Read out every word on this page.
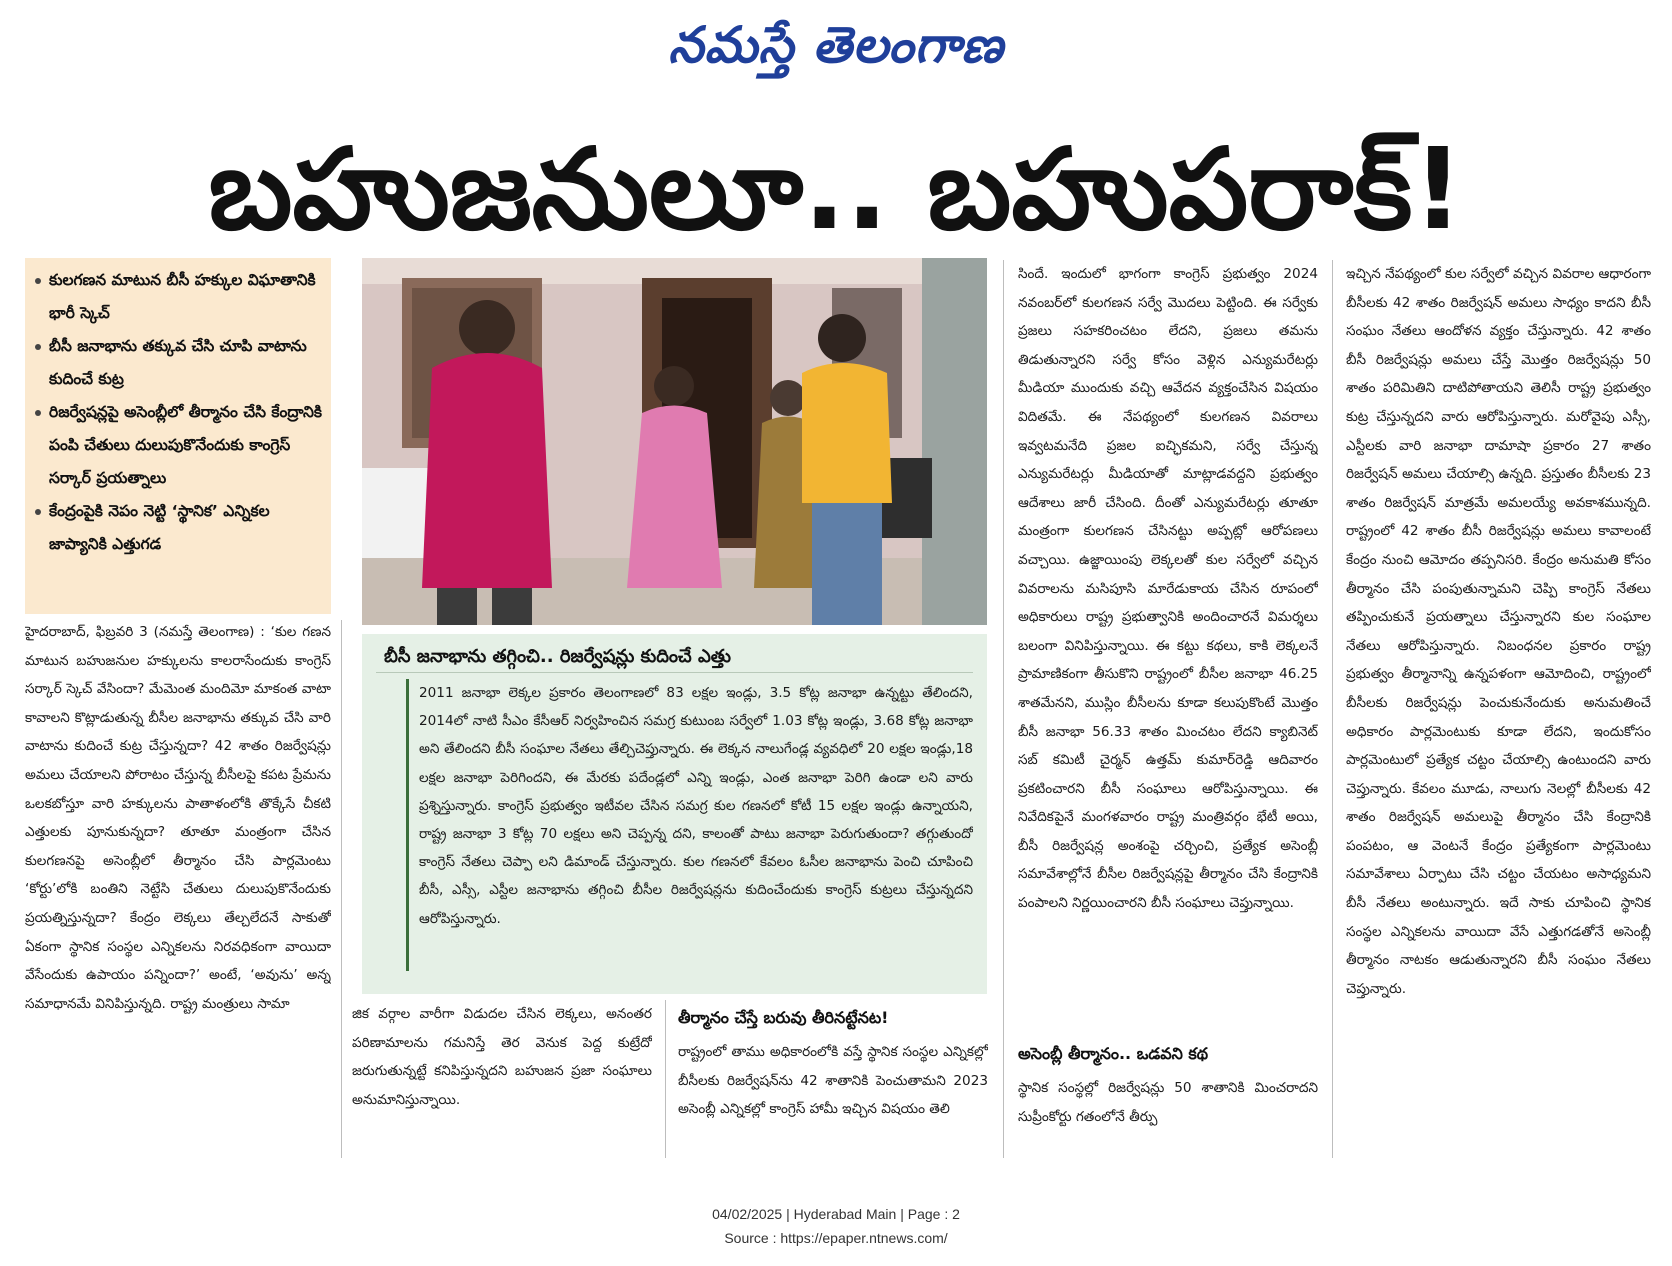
నమస్తే తెలంగాణ
బహుజనులూ.. బహుపరాక్‌!
కులగణన మాటున బీసీ హక్కుల విఘాతానికి భారీ స్కెచ్‌
బీసీ జనాభాను తక్కువ చేసి చూపి వాటాను కుదించే కుట్ర
రిజర్వేషన్లపై అసెంబ్లీలో తీర్మానం చేసి కేంద్రానికి పంపి చేతులు దులుపుకొనేందుకు కాంగ్రెస్‌ సర్కార్‌ ప్రయత్నాలు
కేంద్రంపైకి నెపం నెట్టి ‘స్థానిక’ ఎన్నికల జాప్యానికి ఎత్తుగడ
బీసీ జనాభాను తగ్గించి.. రిజర్వేషన్లు కుదించే ఎత్తు
2011 జనాభా లెక్కల ప్రకారం తెలంగాణలో 83 లక్షల ఇండ్లు, 3.5 కోట్ల జనాభా ఉన్నట్టు తేలిందని, 2014లో నాటి సీఎం కేసీఆర్‌ నిర్వహించిన సమగ్ర కుటుంబ సర్వేలో 1.03 కోట్ల ఇండ్లు, 3.68 కోట్ల జనాభా అని తేలిందని బీసీ సంఘాల నేతలు తేల్చిచెప్తున్నారు. ఈ లెక్కన నాలుగేండ్ల వ్యవధిలో 20 లక్షల ఇండ్లు,18 లక్షల జనాభా పెరిగిందని, ఈ మేరకు పదేండ్లలో ఎన్ని ఇండ్లు, ఎంత జనాభా పెరిగి ఉండా లని వారు ప్రశ్నిస్తున్నారు. కాంగ్రెస్‌ ప్రభుత్వం ఇటీవల చేసిన సమగ్ర కుల గణనలో కోటీ 15 లక్షల ఇండ్లు ఉన్నాయని, రాష్ట్ర జనాభా 3 కోట్ల 70 లక్షలు అని చెప్పన్న దని, కాలంతో పాటు జనాభా పెరుగుతుందా? తగ్గుతుందో కాంగ్రెస్‌ నేతలు చెప్పా లని డిమాండ్‌ చేస్తున్నారు. కుల గణనలో కేవలం ఓసీల జనాభాను పెంచి చూపించి బీసీ, ఎస్సీ, ఎస్టీల జనాభాను తగ్గించి బీసీల రిజర్వేషన్లను కుదించేందుకు కాంగ్రెస్‌ కుట్రలు చేస్తున్నదని ఆరోపిస్తున్నారు.

హైదరాబాద్‌, ఫిబ్రవరి 3 (నమస్తే తెలంగాణ) : ‘కుల గణన మాటున బహుజనుల హక్కులను కాలరాసేందుకు కాంగ్రెస్‌ సర్కార్‌ స్కెచ్‌ వేసిందా? మేమెంత మందిమో మాకంత వాటా కావాలని కొట్లాడుతున్న బీసీల జనాభాను తక్కువ చేసి వారి వాటాను కుదించే కుట్ర చేస్తున్నదా? 42 శాతం రిజర్వేషన్లు అమలు చేయాలని పోరాటం చేస్తున్న బీసీలపై కపట ప్రేమను ఒలకబోస్తూ వారి హక్కులను పాతాళంలోకి తొక్కేసే చీకటి ఎత్తులకు పూనుకున్నదా? తూతూ మంత్రంగా చేసిన కులగణనపై అసెంబ్లీలో తీర్మానం చేసి పార్లమెంటు ‘కోర్టు’లోకి బంతిని నెట్టేసి చేతులు దులుపుకొనేందుకు ప్రయత్నిస్తున్నదా? కేంద్రం లెక్కలు తేల్చలేదనే సాకుతో ఏకంగా స్థానిక సంస్థల ఎన్నికలను నిరవధికంగా వాయిదా వేసేందుకు ఉపాయం పన్నిందా?’ అంటే, ‘అవును’ అన్న సమాధానమే వినిపిస్తున్నది. రాష్ట్ర మంత్రులు సామా

జిక వర్గాల వారీగా విడుదల చేసిన లెక్కలు, అనంతర పరిణామాలను గమనిస్తే తెర వెనుక పెద్ద కుట్రేదో జరుగుతున్నట్టే కనిపిస్తున్నదని బహుజన ప్రజా సంఘాలు అనుమానిస్తున్నాయి.

తీర్మానం చేస్తే బరువు తీరినట్టేనట!

రాష్ట్రంలో తాము అధికారంలోకి వస్తే స్థానిక సంస్థల ఎన్నికల్లో బీసీలకు రిజర్వేషన్‌ను 42 శాతానికి పెంచుతామని 2023 అసెంబ్లీ ఎన్నికల్లో కాంగ్రెస్‌ హామీ ఇచ్చిన విషయం తెలి

సిందే. ఇందులో భాగంగా కాంగ్రెస్‌ ప్రభుత్వం 2024 నవంబర్‌లో కులగణన సర్వే మొదలు పెట్టింది. ఈ సర్వేకు ప్రజలు సహకరించటం లేదని, ప్రజలు తమను తిడుతున్నారని సర్వే కోసం వెళ్లిన ఎన్యుమరేటర్లు మీడియా ముందుకు వచ్చి ఆవేదన వ్యక్తంచేసిన విషయం విదితమే. ఈ నేపథ్యంలో కులగణన వివరాలు ఇవ్వటమనేది ప్రజల ఐచ్ఛికమని, సర్వే చేస్తున్న ఎన్యుమరేటర్లు మీడియాతో మాట్లాడవద్దని ప్రభుత్వం ఆదేశాలు జారీ చేసింది. దీంతో ఎన్యుమరేటర్లు తూతూ మంత్రంగా కులగణన చేసినట్టు అప్పట్లో ఆరోపణలు వచ్చాయి. ఉజ్జాయింపు లెక్కలతో కుల సర్వేలో వచ్చిన వివరాలను మసిపూసి మారేడుకాయ చేసిన రూపంలో అధికారులు రాష్ట్ర ప్రభుత్వానికి అందించారనే విమర్శలు బలంగా వినిపిస్తున్నాయి. ఈ కట్టు కథలు, కాకి లెక్కలనే ప్రామాణికంగా తీసుకొని రాష్ట్రంలో బీసీల జనాభా 46.25 శాతమేనని, ముస్లిం బీసీలను కూడా కలుపుకొంటే మొత్తం బీసీ జనాభా 56.33 శాతం మించటం లేదని క్యాబినెట్‌ సబ్‌ కమిటీ చైర్మన్‌ ఉత్తమ్‌ కుమార్‌రెడ్డి ఆదివారం ప్రకటించారని బీసీ సంఘాలు ఆరోపిస్తున్నాయి. ఈ నివేదికపైనే మంగళవారం రాష్ట్ర మంత్రివర్గం భేటీ అయి, బీసీ రిజర్వేషన్ల అంశంపై చర్చించి, ప్రత్యేక అసెంబ్లీ సమావేశాల్లోనే బీసీల రిజర్వేషన్లపై తీర్మానం చేసి కేంద్రానికి పంపాలని నిర్ణయించారని బీసీ సంఘాలు చెప్తున్నాయి.

అసెంబ్లీ తీర్మానం.. ఒడవని కథ

స్థానిక సంస్థల్లో రిజర్వేషన్లు 50 శాతానికి మించరాదని సుప్రీంకోర్టు గతంలోనే తీర్పు

ఇచ్చిన నేపథ్యంలో కుల సర్వేలో వచ్చిన వివరాల ఆధారంగా బీసీలకు 42 శాతం రిజర్వేషన్‌ అమలు సాధ్యం కాదని బీసీ సంఘం నేతలు ఆందోళన వ్యక్తం చేస్తున్నారు. 42 శాతం బీసీ రిజర్వేషన్లు అమలు చేస్తే మొత్తం రిజర్వేషన్లు 50 శాతం పరిమితిని దాటిపోతాయని తెలిసీ రాష్ట్ర ప్రభుత్వం కుట్ర చేస్తున్నదని వారు ఆరోపిస్తున్నారు. మరోవైపు ఎస్సీ, ఎస్టీలకు వారి జనాభా దామాషా ప్రకారం 27 శాతం రిజర్వేషన్‌ అమలు చేయాల్సి ఉన్నది. ప్రస్తుతం బీసీలకు 23 శాతం రిజర్వేషన్‌ మాత్రమే అమలయ్యే అవకాశమున్నది. రాష్ట్రంలో 42 శాతం బీసీ రిజర్వేషన్లు అమలు కావాలంటే కేంద్రం నుంచి ఆమోదం తప్పనిసరి. కేంద్రం అనుమతి కోసం తీర్మానం చేసి పంపుతున్నామని చెప్పి కాంగ్రెస్‌ నేతలు తప్పించుకునే ప్రయత్నాలు చేస్తున్నారని కుల సంఘాల నేతలు ఆరోపిస్తున్నారు. నిబంధనల ప్రకారం రాష్ట్ర ప్రభుత్వం తీర్మానాన్ని ఉన్నపళంగా ఆమోదించి, రాష్ట్రంలో బీసీలకు రిజర్వేషన్లు పెంచుకునేందుకు అనుమతించే అధికారం పార్లమెంటుకు కూడా లేదని, ఇందుకోసం పార్లమెంటులో ప్రత్యేక చట్టం చేయాల్సి ఉంటుందని వారు చెప్తున్నారు. కేవలం మూడు, నాలుగు నెలల్లో బీసీలకు 42 శాతం రిజర్వేషన్‌ అమలుపై తీర్మానం చేసి కేంద్రానికి పంపటం, ఆ వెంటనే కేంద్రం ప్రత్యేకంగా పార్లమెంటు సమావేశాలు ఏర్పాటు చేసి చట్టం చేయటం అసాధ్యమని బీసీ నేతలు అంటున్నారు. ఇదే సాకు చూపించి స్థానిక సంస్థల ఎన్నికలను వాయిదా వేసే ఎత్తుగడతోనే అసెంబ్లీ తీర్మానం నాటకం ఆడుతున్నారని బీసీ సంఘం నేతలు చెప్తున్నారు.

04/02/2025 | Hyderabad Main | Page : 2
Source : https://epaper.ntnews.com/
